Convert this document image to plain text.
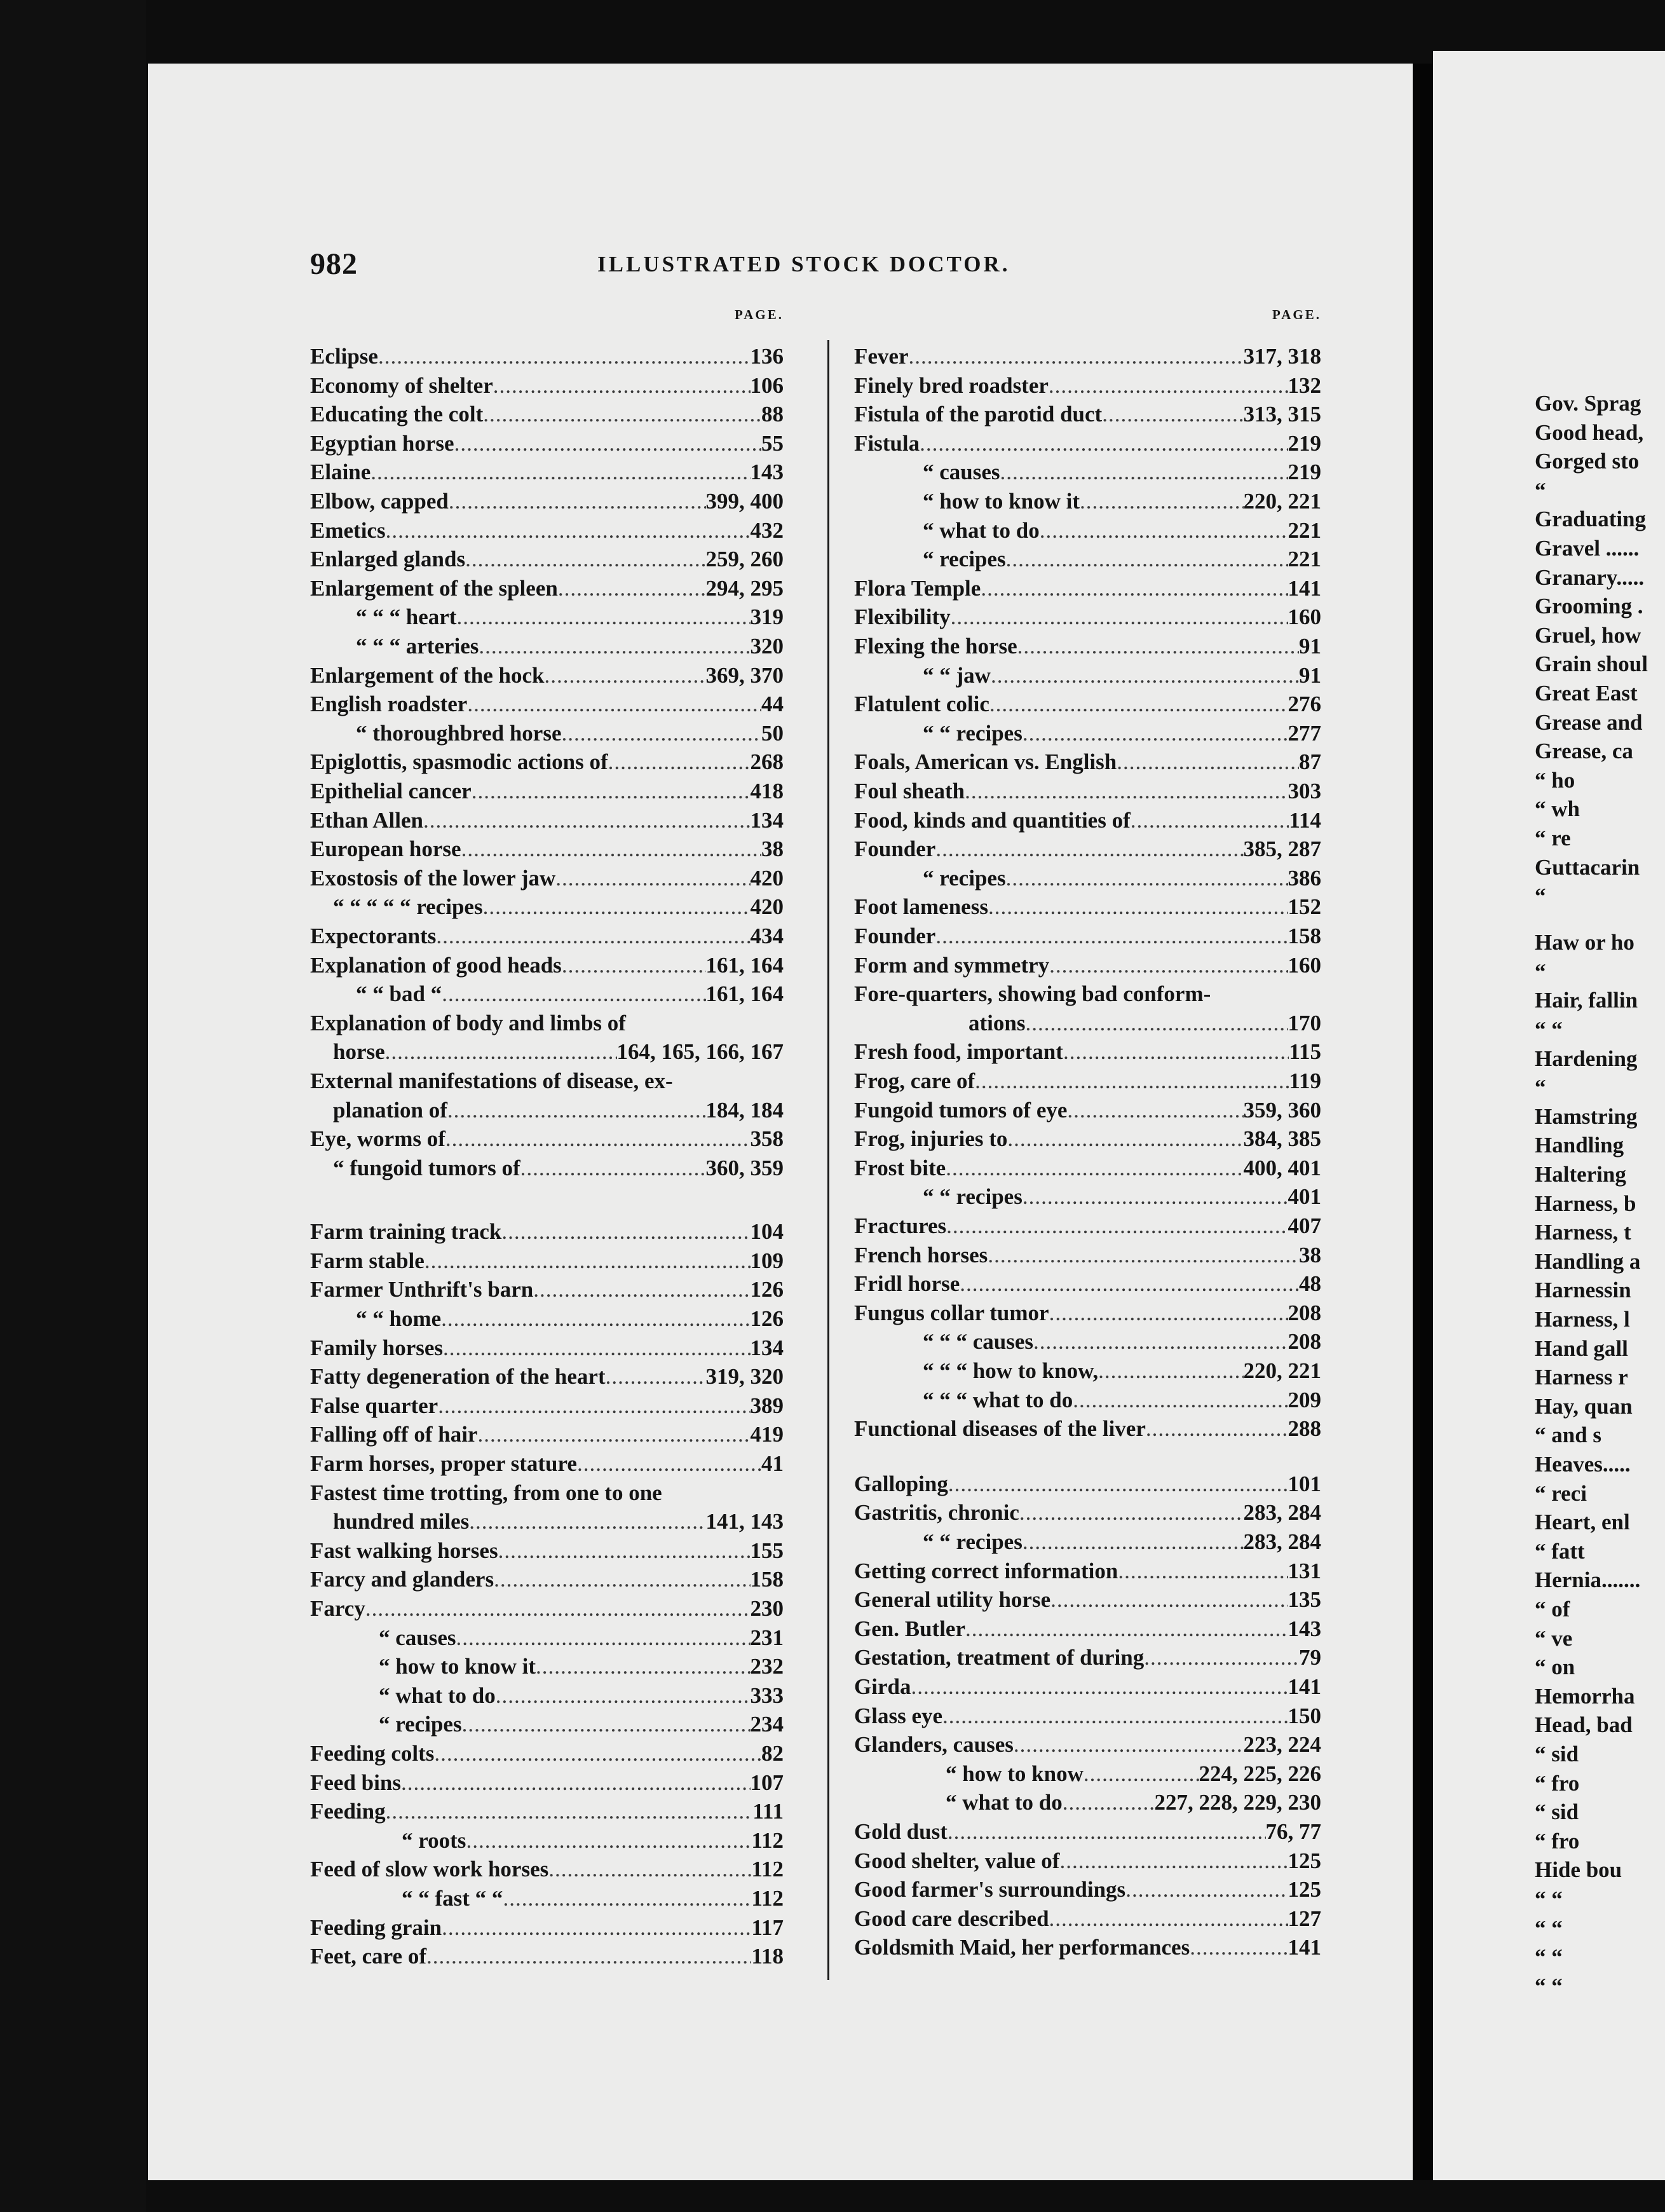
Gov. Sprag
Good head,
Gorged sto
“
Graduating
Gravel ......
Granary.....
Grooming .
Gruel, how
Grain shoul
Great East
Grease and
Grease, ca
“ ho
“ wh
“ re
Guttacarin
“
Haw or ho
“
Hair, fallin
“ “
Hardening
“
Hamstring
Handling
Haltering
Harness, b
Harness, t
Handling a
Harnessin
Harness, l
Hand gall
Harness r
Hay, quan
“ and s
Heaves.....
“ reci
Heart, enl
“ fatt
Hernia.......
“ of
“ ve
“ on
Hemorrha
Head, bad
“ sid
“ fro
“ sid
“ fro
Hide bou
“ “
“ “
“ “
“ “
982	ILLUSTRATED STOCK DOCTOR.
PAGE.
Eclipse .....	136
Economy of shelter .....	106
Educating the colt .....	88
Egyptian horse .....	55
Elaine .....	143
Elbow, capped .....	399, 400
Emetics .....	432
Enlarged glands .....	259, 260
Enlargement of the spleen .....	294, 295
“ “ “ heart .....	319
“ “ “ arteries .....	320
Enlargement of the hock .....	369, 370
English roadster .....	44
“ thoroughbred horse .....	50
Epiglottis, spasmodic actions of .....	268
Epithelial cancer .....	418
Ethan Allen .....	134
European horse .....	38
Exostosis of the lower jaw .....	420
“ “ “ “ “ recipes .....	420
Expectorants .....	434
Explanation of good heads .....	161, 164
“ “ bad “ .....	161, 164
Explanation of body and limbs of
horse .....	164, 165, 166, 167
External manifestations of disease, ex-
planation of .....	184, 184
Eye, worms of .....	358
“ fungoid tumors of .....	360, 359
Farm training track .....	104
Farm stable .....	109
Farmer Unthrift's barn .....	126
“ “ home .....	126
Family horses .....	134
Fatty degeneration of the heart .....	319, 320
False quarter .....	389
Falling off of hair .....	419
Farm horses, proper stature .....	41
Fastest time trotting, from one to one
hundred miles .....	141, 143
Fast walking horses .....	155
Farcy and glanders .....	158
Farcy .....	230
“ causes .....	231
“ how to know it .....	232
“ what to do .....	333
“ recipes .....	234
Feeding colts .....	82
Feed bins .....	107
Feeding .....	111
“ roots .....	112
Feed of slow work horses .....	112
“ “ fast “ “ .....	112
Feeding grain .....	117
Feet, care of .....	118
PAGE.
Fever .....	317, 318
Finely bred roadster .....	132
Fistula of the parotid duct .....	313, 315
Fistula .....	219
“ causes .....	219
“ how to know it .....	220, 221
“ what to do .....	221
“ recipes .....	221
Flora Temple .....	141
Flexibility .....	160
Flexing the horse .....	91
“ “ jaw .....	91
Flatulent colic .....	276
“ “ recipes .....	277
Foals, American vs. English .....	87
Foul sheath .....	303
Food, kinds and quantities of .....	114
Founder .....	385, 287
“ recipes .....	386
Foot lameness .....	152
Founder .....	158
Form and symmetry .....	160
Fore-quarters, showing bad conform-
ations .....	170
Fresh food, important .....	115
Frog, care of .....	119
Fungoid tumors of eye .....	359, 360
Frog, injuries to .....	384, 385
Frost bite .....	400, 401
“ “ recipes .....	401
Fractures .....	407
French horses .....	38
Fridl horse .....	48
Fungus collar tumor .....	208
“ “ “ causes .....	208
“ “ “ how to know, .....	220, 221
“ “ “ what to do .....	209
Functional diseases of the liver .....	288
Galloping .....	101
Gastritis, chronic .....	283, 284
“ “ recipes .....	283, 284
Getting correct information .....	131
General utility horse .....	135
Gen. Butler .....	143
Gestation, treatment of during .....	79
Girda .....	141
Glass eye .....	150
Glanders, causes .....	223, 224
“ how to know .....	224, 225, 226
“ what to do .....	227, 228, 229, 230
Gold dust .....	76, 77
Good shelter, value of .....	125
Good farmer's surroundings .....	125
Good care described .....	127
Goldsmith Maid, her performances .....	141
